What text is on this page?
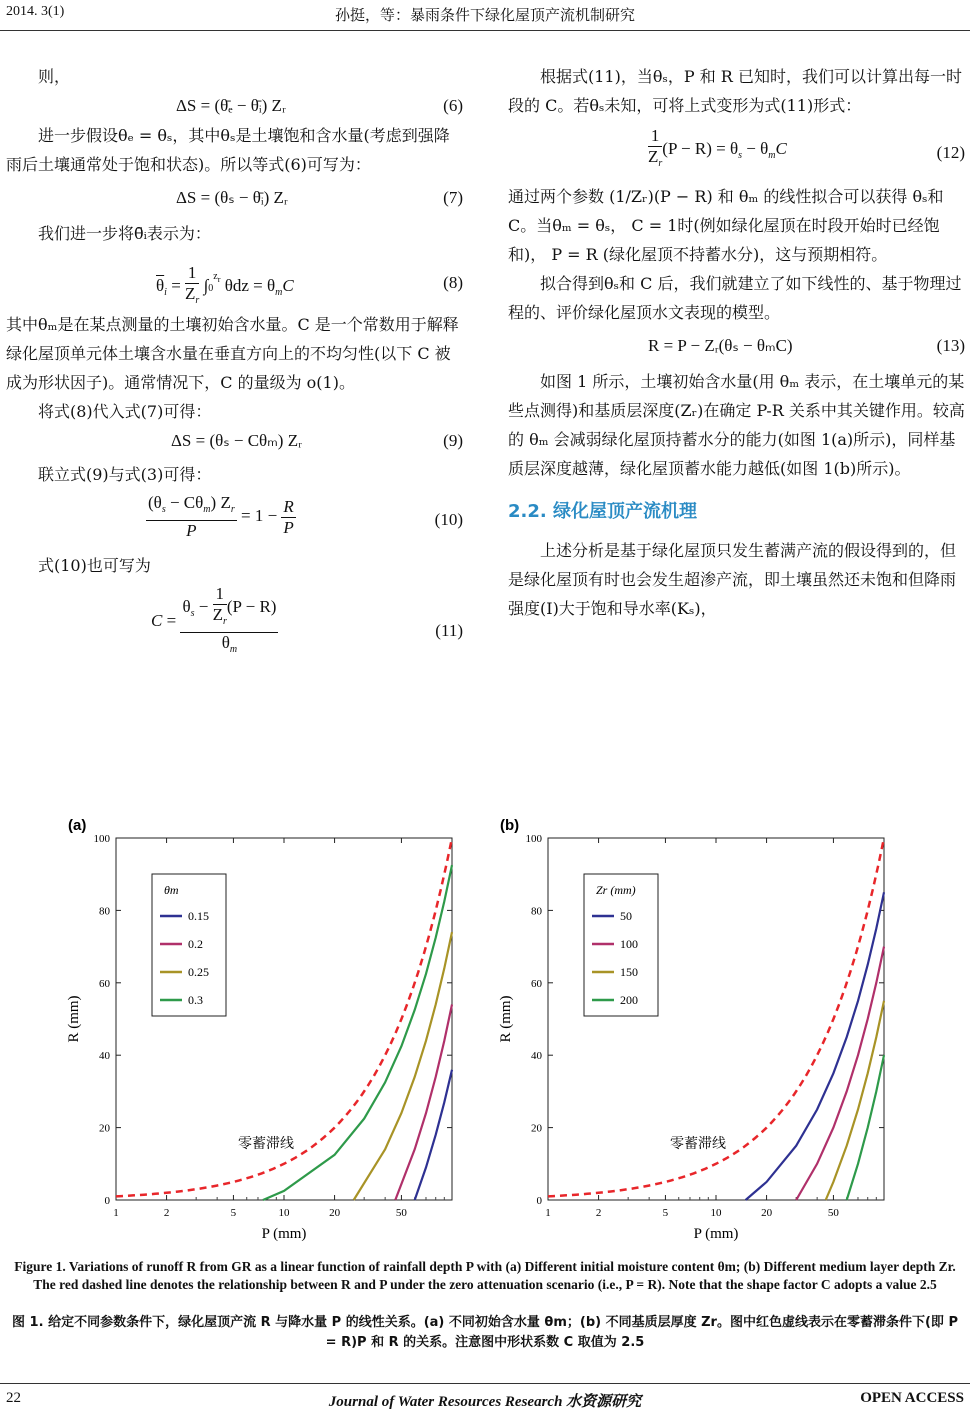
2014. 3(1)	孙挺，等：暴雨条件下绿化屋顶产流机制研究

则，

ΔS = (θ̄ₑ − θ̄ᵢ) Zᵣ	(6)

进一步假设θₑ = θₛ，其中θₛ是土壤饱和含水量(考虑到强降雨后土壤通常处于饱和状态)。所以等式(6)可写为：

ΔS = (θₛ − θ̄ᵢ) Zᵣ	(7)

我们进一步将θ̄ᵢ表示为：

$\overline{\theta}_i = \frac{1}{Z_r} \int 0^{z_r}$ $\theta dz = \theta_mC$	(8)

其中θₘ是在某点测量的土壤初始含水量。C 是一个常数用于解释绿化屋顶单元体土壤含水量在垂直方向上的不均匀性(以下 C 被成为形状因子)。通常情况下，C 的量级为 o(1)。

将式(8)代入式(7)可得：

ΔS = (θₛ − Cθₘ) Zᵣ	(9)

联立式(9)与式(3)可得：

$\frac{(\theta_s - C\theta_m) Z_r}{P} = 1 - \frac{R}{P}$	(10)

式(10)也可写为

$C = \frac{\theta_s - \frac{1}{Z_r} (P - R)}{\theta_m}$	(11)

根据式(11)，当θₛ，P 和 R 已知时，我们可以计算出每一时段的 C。若θₛ未知，可将上式变形为式(11)形式：

$\frac{1}{Z_r} (P - R) = \theta_s - \theta_mC$	(12)

通过两个参数 (1/Zᵣ)(P − R) 和 θₘ 的线性拟合可以获得 θₛ和 C。当θₘ = θₛ， C = 1时(例如绿化屋顶在时段开始时已经饱和)， P = R (绿化屋顶不持蓄水分)，这与预期相符。

拟合得到θₛ和 C 后，我们就建立了如下线性的、基于物理过程的、评价绿化屋顶水文表现的模型。

R = P − Zᵣ(θₛ − θₘC)	(13)

如图 1 所示，土壤初始含水量(用 θₘ 表示，在土壤单元的某些点测得)和基质层深度(Zᵣ)在确定 P-R 关系中其关键作用。较高的 θₘ 会减弱绿化屋顶持蓄水分的能力(如图 1(a)所示)，同样基质层深度越薄，绿化屋顶蓄水能力越低(如图 1(b)所示)。

2.2. 绿化屋顶产流机理

上述分析是基于绿化屋顶只发生蓄满产流的假设得到的，但是绿化屋顶有时也会发生超渗产流，即土壤虽然还未饱和但降雨强度(I)大于饱和导水率(Kₛ)，

(a)
1	2	5	10	20	50
0
20
40
60
80
100
P (mm)
R (mm)
θm
0.15
0.2
0.25
0.3
零蓄滞线
(b)
1	2	5	10	20	50
0
20
40
60
80
100
P (mm)
R (mm)
Zr (mm)
50
100
150
200
零蓄滞线
Figure 1. Variations of runoff R from GR as a linear function of rainfall depth P with (a) Different initial moisture content θm; (b) Different medium layer depth Zr. The red dashed line denotes the relationship between R and P under the zero attenuation scenario (i.e., P = R). Note that the shape factor C adopts a value 2.5
图 1. 给定不同参数条件下，绿化屋顶产流 R 与降水量 P 的线性关系。(a) 不同初始含水量 θm；(b) 不同基质层厚度 Zr。图中红色虚线表示在零蓄滞条件下(即 P = R)P 和 R 的关系。注意图中形状系数 C 取值为 2.5
22	Journal of Water Resources Research 水资源研究	OPEN ACCESS
